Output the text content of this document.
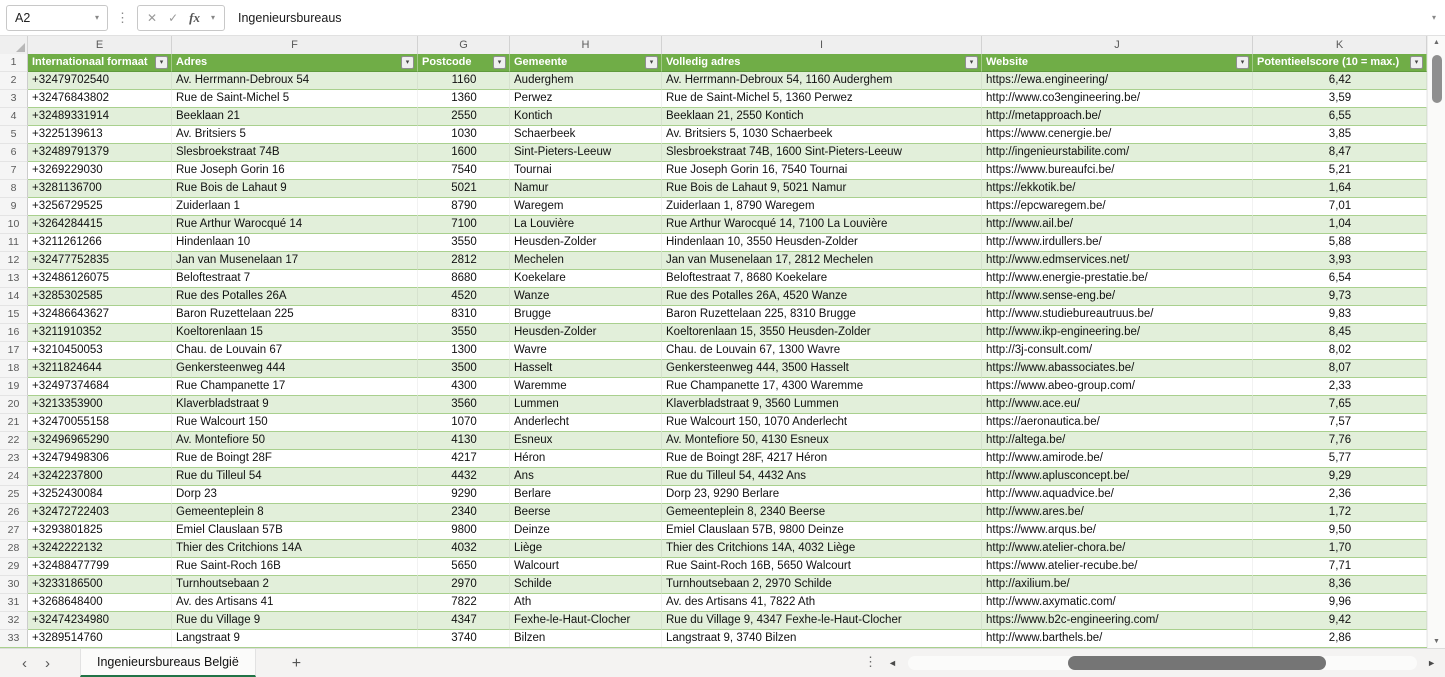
A2	▾ ⋮ ✕ ✓ fx ▾ Ingenieursbureaus	▾
E	F	G	H	I	J	K
1	Internationaal formaat	▾	Adres	▾	Postcode	▾	Gemeente	▾	Volledig adres	▾	Website	▾	Potentieelscore (10 = max.)	▾
2	+32479702540	Av. Herrmann-Debroux 54	1160	Auderghem	Av. Herrmann-Debroux 54, 1160 Auderghem	https://ewa.engineering/	6,42
3	+32476843802	Rue de Saint-Michel 5	1360	Perwez	Rue de Saint-Michel 5, 1360 Perwez	http://www.co3engineering.be/	3,59
4	+32489331914	Beeklaan 21	2550	Kontich	Beeklaan 21, 2550 Kontich	http://metapproach.be/	6,55
5	+3225139613	Av. Britsiers 5	1030	Schaerbeek	Av. Britsiers 5, 1030 Schaerbeek	https://www.cenergie.be/	3,85
6	+32489791379	Slesbroekstraat 74B	1600	Sint-Pieters-Leeuw	Slesbroekstraat 74B, 1600 Sint-Pieters-Leeuw	http://ingenieurstabilite.com/	8,47
7	+3269229030	Rue Joseph Gorin 16	7540	Tournai	Rue Joseph Gorin 16, 7540 Tournai	https://www.bureaufci.be/	5,21
8	+3281136700	Rue Bois de Lahaut 9	5021	Namur	Rue Bois de Lahaut 9, 5021 Namur	https://ekkotik.be/	1,64
9	+3256729525	Zuiderlaan 1	8790	Waregem	Zuiderlaan 1, 8790 Waregem	https://epcwaregem.be/	7,01
10	+3264284415	Rue Arthur Warocqué 14	7100	La Louvière	Rue Arthur Warocqué 14, 7100 La Louvière	http://www.ail.be/	1,04
11	+3211261266	Hindenlaan 10	3550	Heusden-Zolder	Hindenlaan 10, 3550 Heusden-Zolder	http://www.irdullers.be/	5,88
12	+32477752835	Jan van Musenelaan 17	2812	Mechelen	Jan van Musenelaan 17, 2812 Mechelen	http://www.edmservices.net/	3,93
13	+32486126075	Beloftestraat 7	8680	Koekelare	Beloftestraat 7, 8680 Koekelare	http://www.energie-prestatie.be/	6,54
14	+3285302585	Rue des Potalles 26A	4520	Wanze	Rue des Potalles 26A, 4520 Wanze	http://www.sense-eng.be/	9,73
15	+32486643627	Baron Ruzettelaan 225	8310	Brugge	Baron Ruzettelaan 225, 8310 Brugge	http://www.studiebureautruus.be/	9,83
16	+3211910352	Koeltorenlaan 15	3550	Heusden-Zolder	Koeltorenlaan 15, 3550 Heusden-Zolder	http://www.ikp-engineering.be/	8,45
17	+3210450053	Chau. de Louvain 67	1300	Wavre	Chau. de Louvain 67, 1300 Wavre	http://3j-consult.com/	8,02
18	+3211824644	Genkersteenweg 444	3500	Hasselt	Genkersteenweg 444, 3500 Hasselt	https://www.abassociates.be/	8,07
19	+32497374684	Rue Champanette 17	4300	Waremme	Rue Champanette 17, 4300 Waremme	https://www.abeo-group.com/	2,33
20	+3213353900	Klaverbladstraat 9	3560	Lummen	Klaverbladstraat 9, 3560 Lummen	http://www.ace.eu/	7,65
21	+32470055158	Rue Walcourt 150	1070	Anderlecht	Rue Walcourt 150, 1070 Anderlecht	https://aeronautica.be/	7,57
22	+32496965290	Av. Montefiore 50	4130	Esneux	Av. Montefiore 50, 4130 Esneux	http://altega.be/	7,76
23	+32479498306	Rue de Boingt 28F	4217	Héron	Rue de Boingt 28F, 4217 Héron	http://www.amirode.be/	5,77
24	+3242237800	Rue du Tilleul 54	4432	Ans	Rue du Tilleul 54, 4432 Ans	http://www.aplusconcept.be/	9,29
25	+3252430084	Dorp 23	9290	Berlare	Dorp 23, 9290 Berlare	http://www.aquadvice.be/	2,36
26	+32472722403	Gemeenteplein 8	2340	Beerse	Gemeenteplein 8, 2340 Beerse	http://www.ares.be/	1,72
27	+3293801825	Emiel Clauslaan 57B	9800	Deinze	Emiel Clauslaan 57B, 9800 Deinze	https://www.arqus.be/	9,50
28	+3242222132	Thier des Critchions 14A	4032	Liège	Thier des Critchions 14A, 4032 Liège	http://www.atelier-chora.be/	1,70
29	+32488477799	Rue Saint-Roch 16B	5650	Walcourt	Rue Saint-Roch 16B, 5650 Walcourt	https://www.atelier-recube.be/	7,71
30	+3233186500	Turnhoutsebaan 2	2970	Schilde	Turnhoutsebaan 2, 2970 Schilde	http://axilium.be/	8,36
31	+3268648400	Av. des Artisans 41	7822	Ath	Av. des Artisans 41, 7822 Ath	http://www.axymatic.com/	9,96
32	+32474234980	Rue du Village 9	4347	Fexhe-le-Haut-Clocher	Rue du Village 9, 4347 Fexhe-le-Haut-Clocher	https://www.b2c-engineering.com/	9,42
33	+3289514760	Langstraat 9	3740	Bilzen	Langstraat 9, 3740 Bilzen	http://www.barthels.be/	2,86
▲
▼
‹ ›	Ingenieursbureaus België	+	⋮ ◄	►
